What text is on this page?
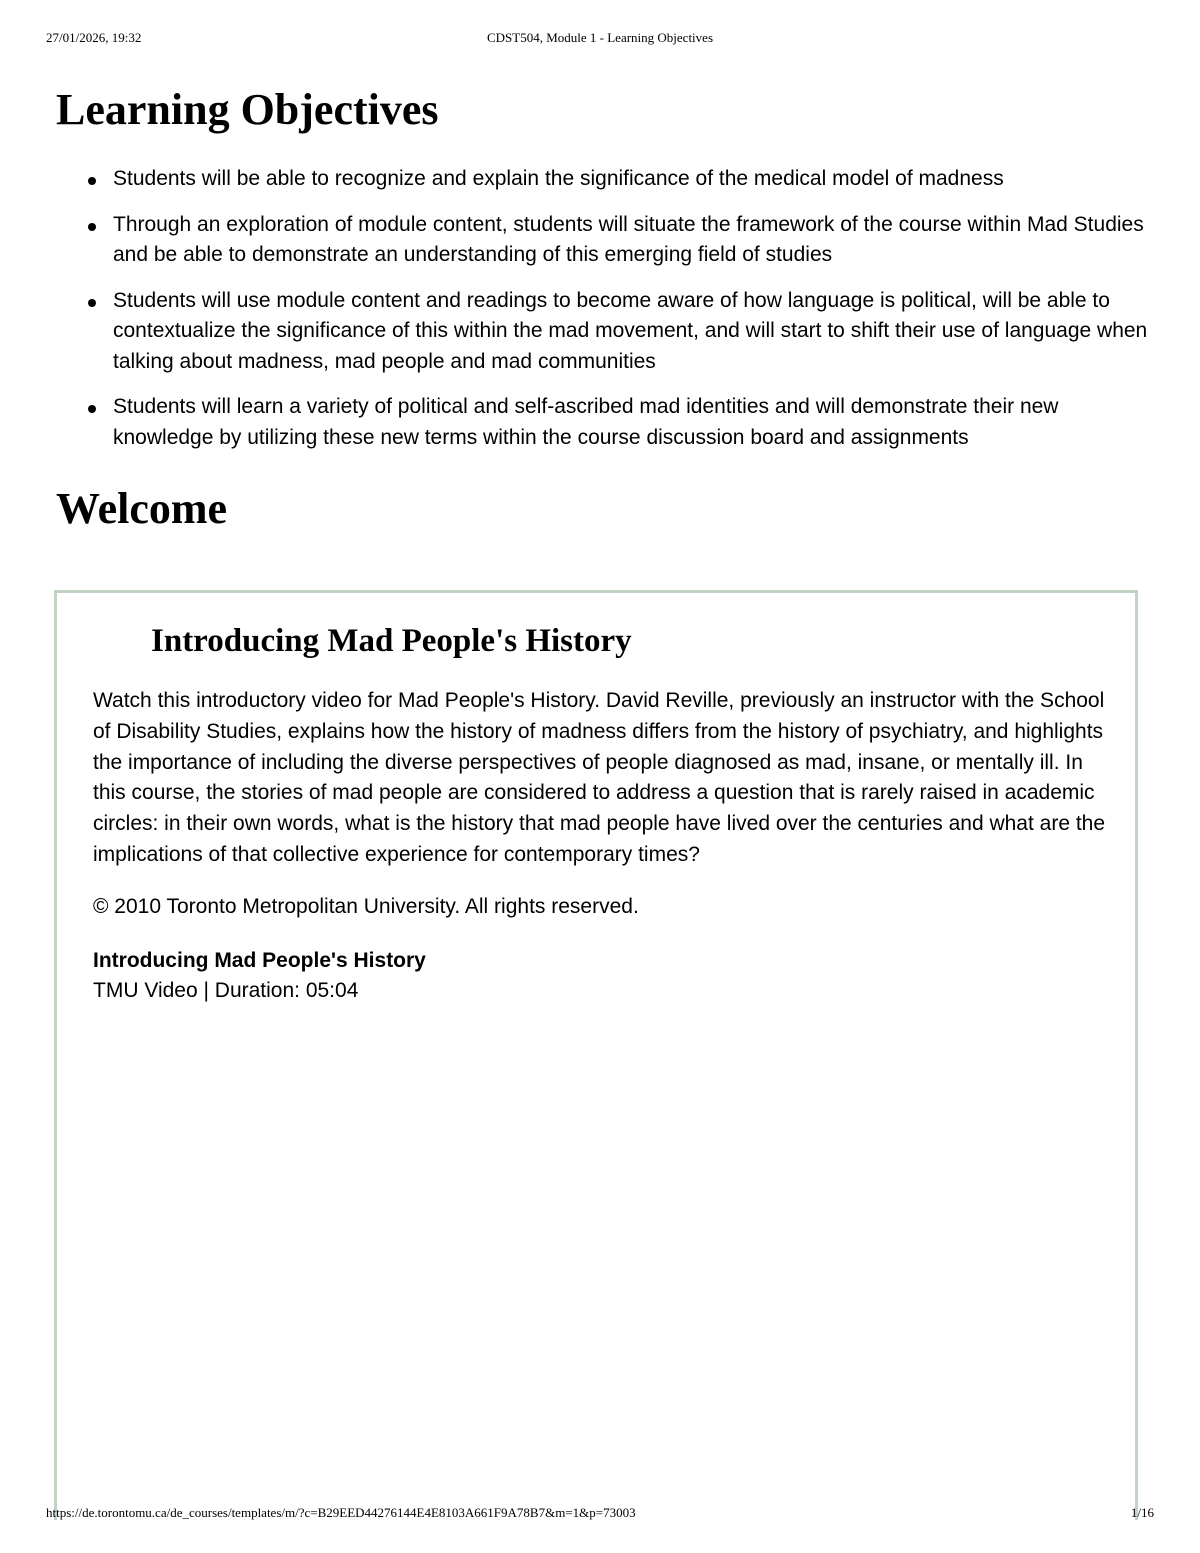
27/01/2026, 19:32	CDST504, Module 1 - Learning Objectives
Learning Objectives
Students will be able to recognize and explain the significance of the medical model of madness
Through an exploration of module content, students will situate the framework of the course within Mad Studies and be able to demonstrate an understanding of this emerging field of studies
Students will use module content and readings to become aware of how language is political, will be able to contextualize the significance of this within the mad movement, and will start to shift their use of language when talking about madness, mad people and mad communities
Students will learn a variety of political and self-ascribed mad identities and will demonstrate their new knowledge by utilizing these new terms within the course discussion board and assignments
Welcome
Introducing Mad People's History

Watch this introductory video for Mad People's History. David Reville, previously an instructor with the School of Disability Studies, explains how the history of madness differs from the history of psychiatry, and highlights the importance of including the diverse perspectives of people diagnosed as mad, insane, or mentally ill. In this course, the stories of mad people are considered to address a question that is rarely raised in academic circles: in their own words, what is the history that mad people have lived over the centuries and what are the implications of that collective experience for contemporary times?

© 2010 Toronto Metropolitan University. All rights reserved.

Introducing Mad People's History

TMU Video | Duration: 05:04

https://de.torontomu.ca/de_courses/templates/m/?c=B29EED44276144E4E8103A661F9A78B7&m=1&p=73003	1/16
